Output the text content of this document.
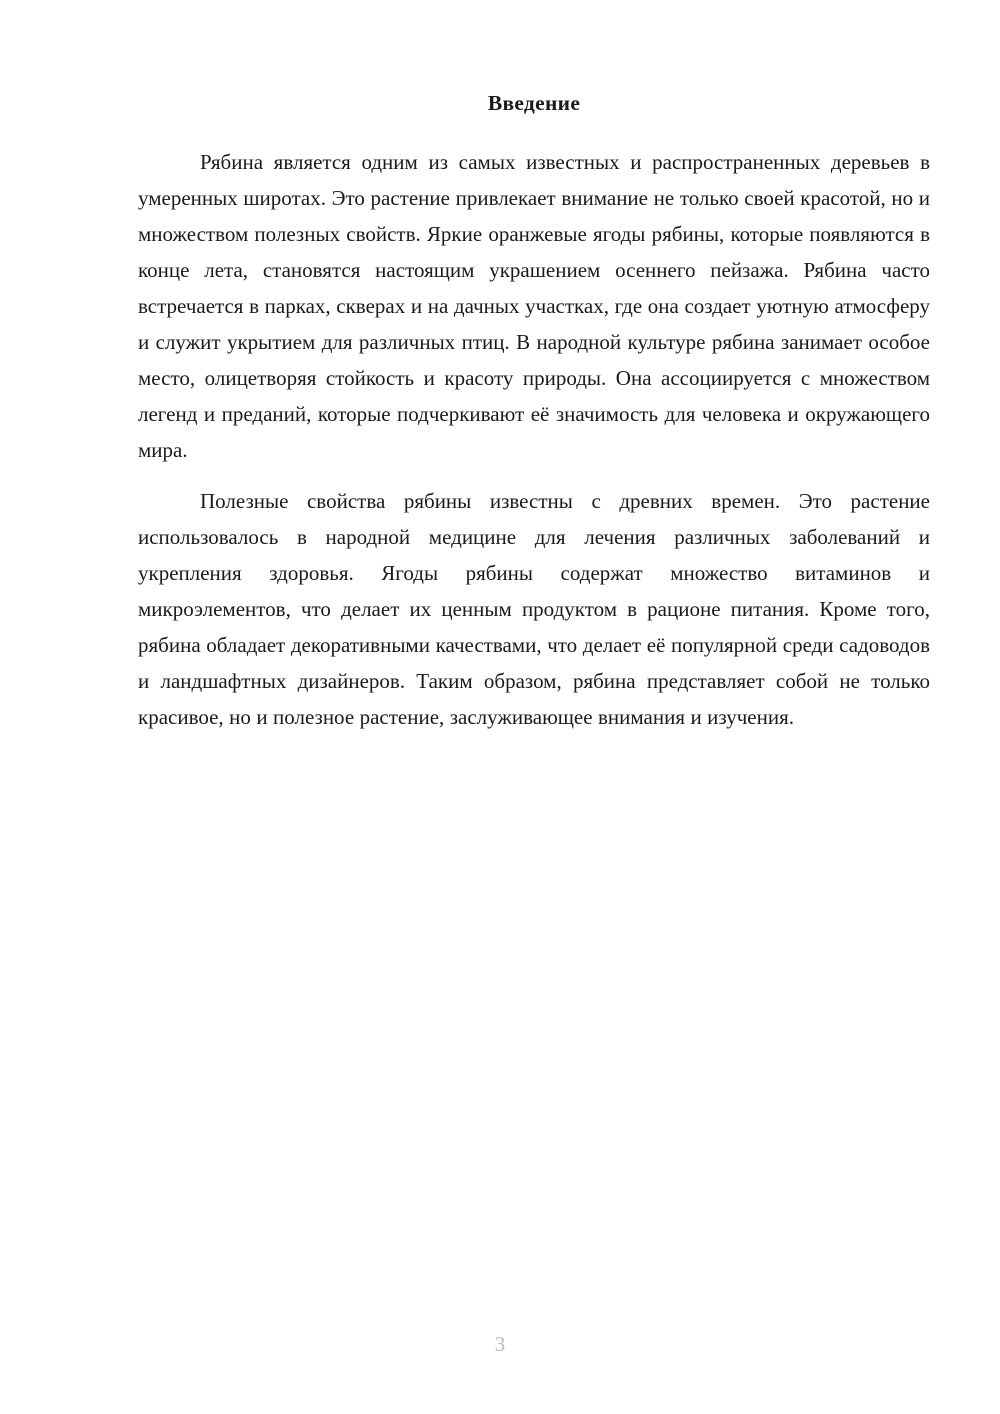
Введение

Рябина является одним из самых известных и распространенных деревьев в умеренных широтах. Это растение привлекает внимание не только своей красотой, но и множеством полезных свойств. Яркие оранжевые ягоды рябины, которые появляются в конце лета, становятся настоящим украшением осеннего пейзажа. Рябина часто встречается в парках, скверах и на дачных участках, где она создает уютную атмосферу и служит укрытием для различных птиц. В народной культуре рябина занимает особое место, олицетворяя стойкость и красоту природы. Она ассоциируется с множеством легенд и преданий, которые подчеркивают её значимость для человека и окружающего мира.

Полезные свойства рябины известны с древних времен. Это растение использовалось в народной медицине для лечения различных заболеваний и укрепления здоровья. Ягоды рябины содержат множество витаминов и микроэлементов, что делает их ценным продуктом в рационе питания. Кроме того, рябина обладает декоративными качествами, что делает её популярной среди садоводов и ландшафтных дизайнеров. Таким образом, рябина представляет собой не только красивое, но и полезное растение, заслуживающее внимания и изучения.

3
